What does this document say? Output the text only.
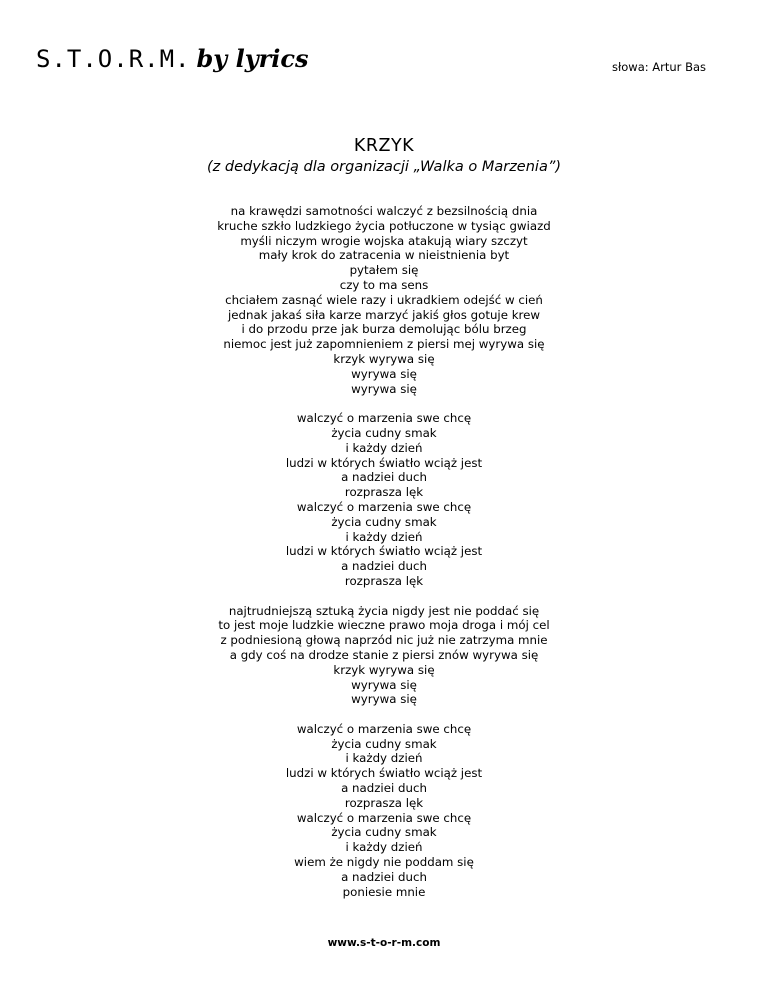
S.T.O.R.M. by lyrics	słowa: Artur Bas
KRZYK
(z dedykacją dla organizacji „Walka o Marzenia”)
na krawędzi samotności walczyć z bezsilnością dnia
kruche szkło ludzkiego życia potłuczone w tysiąc gwiazd
myśli niczym wrogie wojska atakują wiary szczyt
mały krok do zatracenia w nieistnienia byt
pytałem się
czy to ma sens
chciałem zasnąć wiele razy i ukradkiem odejść w cień
jednak jakaś siła karze marzyć jakiś głos gotuje krew
i do przodu prze jak burza demolując bólu brzeg
niemoc jest już zapomnieniem z piersi mej wyrywa się
krzyk wyrywa się
wyrywa się
wyrywa się
walczyć o marzenia swe chcę
życia cudny smak
i każdy dzień
ludzi w których światło wciąż jest
a nadziei duch
rozprasza lęk
walczyć o marzenia swe chcę
życia cudny smak
i każdy dzień
ludzi w których światło wciąż jest
a nadziei duch
rozprasza lęk
najtrudniejszą sztuką życia nigdy jest nie poddać się
to jest moje ludzkie wieczne prawo moja droga i mój cel
z podniesioną głową naprzód nic już nie zatrzyma mnie
a gdy coś na drodze stanie z piersi znów wyrywa się
krzyk wyrywa się
wyrywa się
wyrywa się
walczyć o marzenia swe chcę
życia cudny smak
i każdy dzień
ludzi w których światło wciąż jest
a nadziei duch
rozprasza lęk
walczyć o marzenia swe chcę
życia cudny smak
i każdy dzień
wiem że nigdy nie poddam się
a nadziei duch
poniesie mnie
www.s-t-o-r-m.com
